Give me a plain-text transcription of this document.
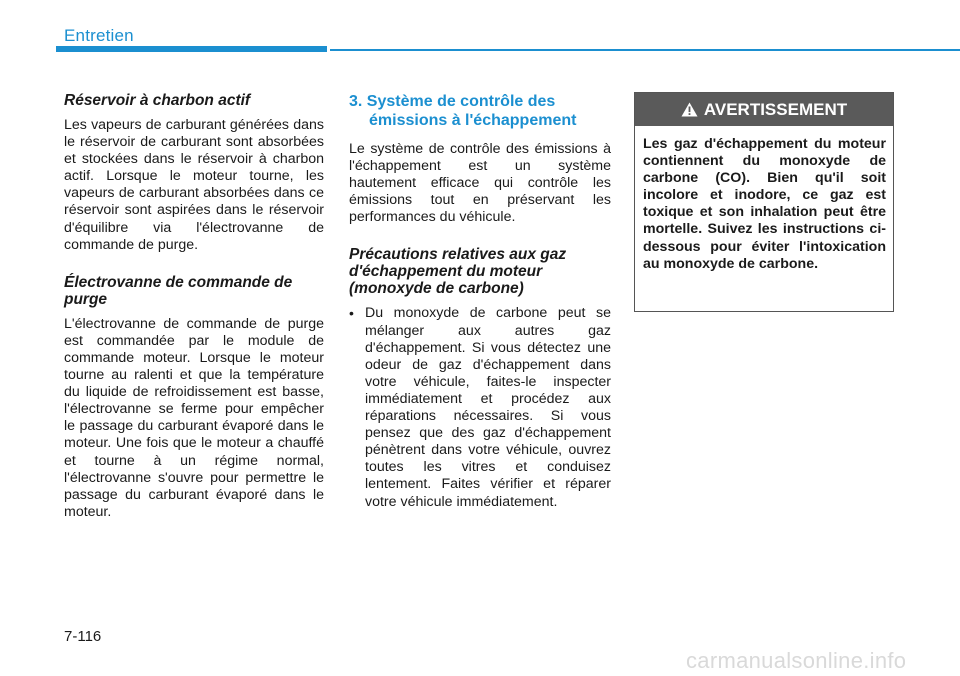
Entretien

Réservoir à charbon actif

Les vapeurs de carburant générées dans le réservoir de carburant sont absorbées et stockées dans le réservoir à charbon actif. Lorsque le moteur tourne, les vapeurs de carburant absorbées dans ce réservoir sont aspirées dans le réservoir d'équilibre via l'électrovanne de commande de purge.

Électrovanne de commande de purge

L'électrovanne de commande de purge est commandée par le module de commande moteur. Lorsque le moteur tourne au ralenti et que la température du liquide de refroidissement est basse, l'électrovanne se ferme pour empêcher le passage du carburant évaporé dans le moteur. Une fois que le moteur a chauffé et tourne à un régime normal, l'électrovanne s'ouvre pour permettre le passage du carburant évaporé dans le moteur.

3. Système de contrôle des
émissions à l'échappement

Le système de contrôle des émissions à l'échappement est un système hautement efficace qui contrôle les émissions tout en préservant les performances du véhicule.

Précautions relatives aux gaz d'échappement du moteur (monoxyde de carbone)

• Du monoxyde de carbone peut se mélanger aux autres gaz d'échappement. Si vous détectez une odeur de gaz d'échappement dans votre véhicule, faites-le inspecter immédiatement et procédez aux réparations nécessaires. Si vous pensez que des gaz d'échappement pénètrent dans votre véhicule, ouvrez toutes les vitres et conduisez lentement. Faites vérifier et réparer votre véhicule immédiatement.

AVERTISSEMENT
Les gaz d'échappement du moteur contiennent du monoxyde de carbone (CO). Bien qu'il soit incolore et inodore, ce gaz est toxique et son inhalation peut être mortelle. Suivez les instructions ci-dessous pour éviter l'intoxication au monoxyde de carbone.
7-116
carmanualsonline.info
